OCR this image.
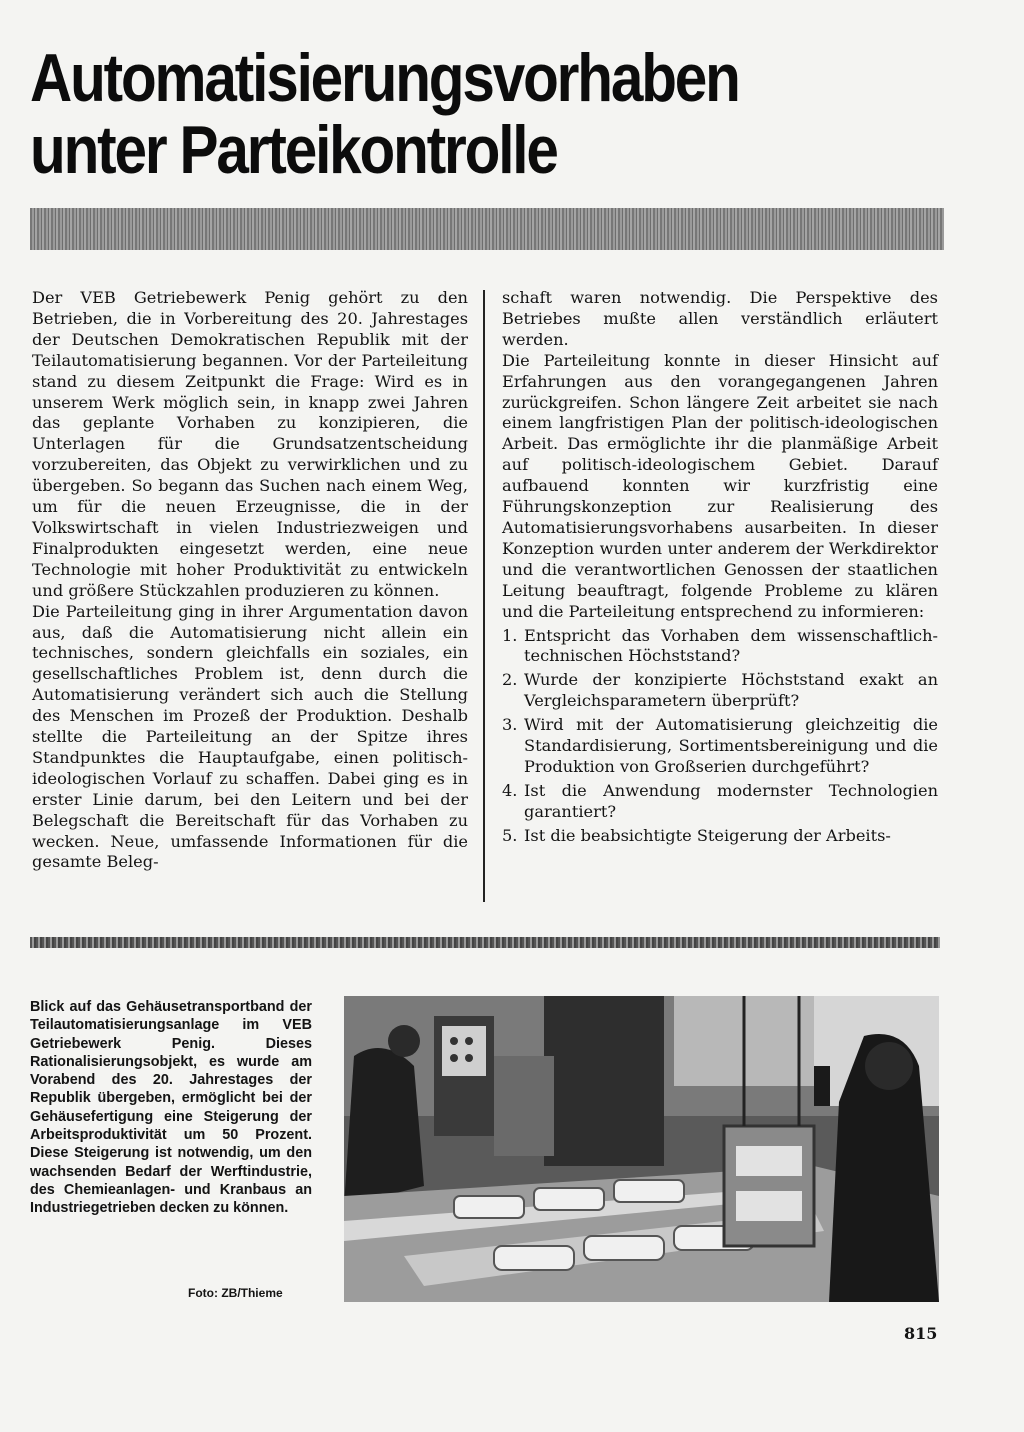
Automatisierungsvorhaben
unter Parteikontrolle

Der VEB Getriebewerk Penig gehört zu den Betrieben, die in Vorbereitung des 20. Jahrestages der Deutschen Demokratischen Republik mit der Teilautomatisierung begannen. Vor der Parteileitung stand zu diesem Zeitpunkt die Frage: Wird es in unserem Werk möglich sein, in knapp zwei Jahren das geplante Vorhaben zu konzipieren, die Unterlagen für die Grundsatzentscheidung vorzubereiten, das Objekt zu verwirklichen und zu übergeben. So begann das Suchen nach einem Weg, um für die neuen Erzeugnisse, die in der Volkswirtschaft in vielen Industriezweigen und Finalprodukten eingesetzt werden, eine neue Technologie mit hoher Produktivität zu entwickeln und größere Stückzahlen produzieren zu können.

Die Parteileitung ging in ihrer Argumentation davon aus, daß die Automatisierung nicht allein ein technisches, sondern gleichfalls ein soziales, ein gesellschaftliches Problem ist, denn durch die Automatisierung verändert sich auch die Stellung des Menschen im Prozeß der Produktion. Deshalb stellte die Parteileitung an der Spitze ihres Standpunktes die Hauptaufgabe, einen politisch-ideologischen Vorlauf zu schaffen. Dabei ging es in erster Linie darum, bei den Leitern und bei der Belegschaft die Bereitschaft für das Vorhaben zu wecken. Neue, umfassende Informationen für die gesamte Beleg-

schaft waren notwendig. Die Perspektive des Betriebes mußte allen verständlich erläutert werden.

Die Parteileitung konnte in dieser Hinsicht auf Erfahrungen aus den vorangegangenen Jahren zurückgreifen. Schon längere Zeit arbeitet sie nach einem langfristigen Plan der politisch-ideologischen Arbeit. Das ermöglichte ihr die planmäßige Arbeit auf politisch-ideologischem Gebiet. Darauf aufbauend konnten wir kurzfristig eine Führungskonzeption zur Realisierung des Automatisierungsvorhabens ausarbeiten. In dieser Konzeption wurden unter anderem der Werkdirektor und die verantwortlichen Genossen der staatlichen Leitung beauftragt, folgende Probleme zu klären und die Parteileitung entsprechend zu informieren:

1. Entspricht das Vorhaben dem wissenschaftlich-technischen Höchststand?
2. Wurde der konzipierte Höchststand exakt an Vergleichsparametern überprüft?
3. Wird mit der Automatisierung gleichzeitig die Standardisierung, Sortimentsbereinigung und die Produktion von Großserien durchgeführt?
4. Ist die Anwendung modernster Technologien garantiert?
5. Ist die beabsichtigte Steigerung der Arbeits-

Blick auf das Gehäusetransportband der Teilautomatisierungsanlage im VEB Getriebewerk Penig. Dieses Rationalisierungsobjekt, es wurde am Vorabend des 20. Jahrestages der Republik übergeben, ermöglicht bei der Gehäusefertigung eine Steigerung der Arbeitsproduktivität um 50 Prozent. Diese Steigerung ist notwendig, um den wachsenden Bedarf der Werftindustrie, des Chemieanlagen- und Kranbaus an Industriegetrieben decken zu können.

Foto: ZB/Thieme
815
